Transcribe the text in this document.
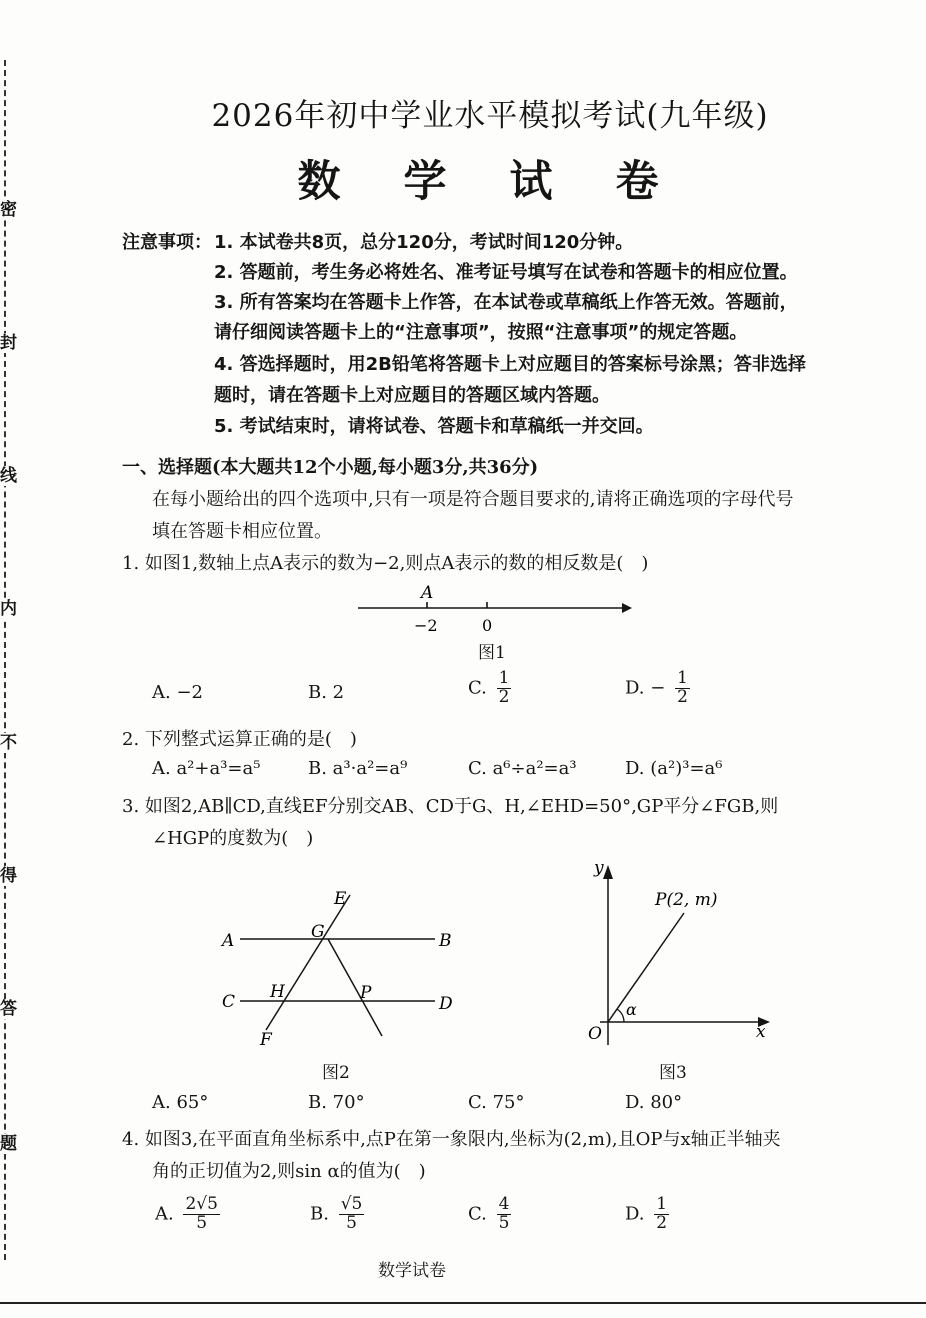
密
封
线
内
不
得
答
题
2026年初中学业水平模拟考试(九年级)
数 学 试 卷
注意事项： 1. 本试卷共8页，总分120分，考试时间120分钟。
2. 答题前，考生务必将姓名、准考证号填写在试卷和答题卡的相应位置。
3. 所有答案均在答题卡上作答，在本试卷或草稿纸上作答无效。答题前，
请仔细阅读答题卡上的“注意事项”，按照“注意事项”的规定答题。
4. 答选择题时，用2B铅笔将答题卡上对应题目的答案标号涂黑；答非选择
题时，请在答题卡上对应题目的答题区域内答题。
5. 考试结束时，请将试卷、答题卡和草稿纸一并交回。
一、选择题(本大题共12个小题,每小题3分,共36分)
在每小题给出的四个选项中,只有一项是符合题目要求的,请将正确选项的字母代号
填在答题卡相应位置。
1. 如图1,数轴上点A表示的数为−2,则点A表示的数的相反数是(　)
A
−2	0
图1
A. −2	B. 2	C. $\frac{1}{2}$	D. − $\frac{1}{2}$
2. 下列整式运算正确的是(　)
A. a²+a³=a⁵	B. a³·a²=a⁹	C. a⁶÷a²=a³	D. (a²)³=a⁶
3. 如图2,AB∥CD,直线EF分别交AB、CD于G、H,∠EHD=50°,GP平分∠FGB,则
∠HGP的度数为(　)
A	B
C	D
E
F
G
H	P
图2
y
x
O
P(2, m)
α
图3
A. 65°	B. 70°	C. 75°	D. 80°
4. 如图3,在平面直角坐标系中,点P在第一象限内,坐标为(2,m),且OP与x轴正半轴夹
角的正切值为2,则sin α的值为(　)
A. $\frac{2√5}{5}$	B. $\frac{√5}{5}$	C. $\frac{4}{5}$	D. $\frac{1}{2}$
数学试卷
